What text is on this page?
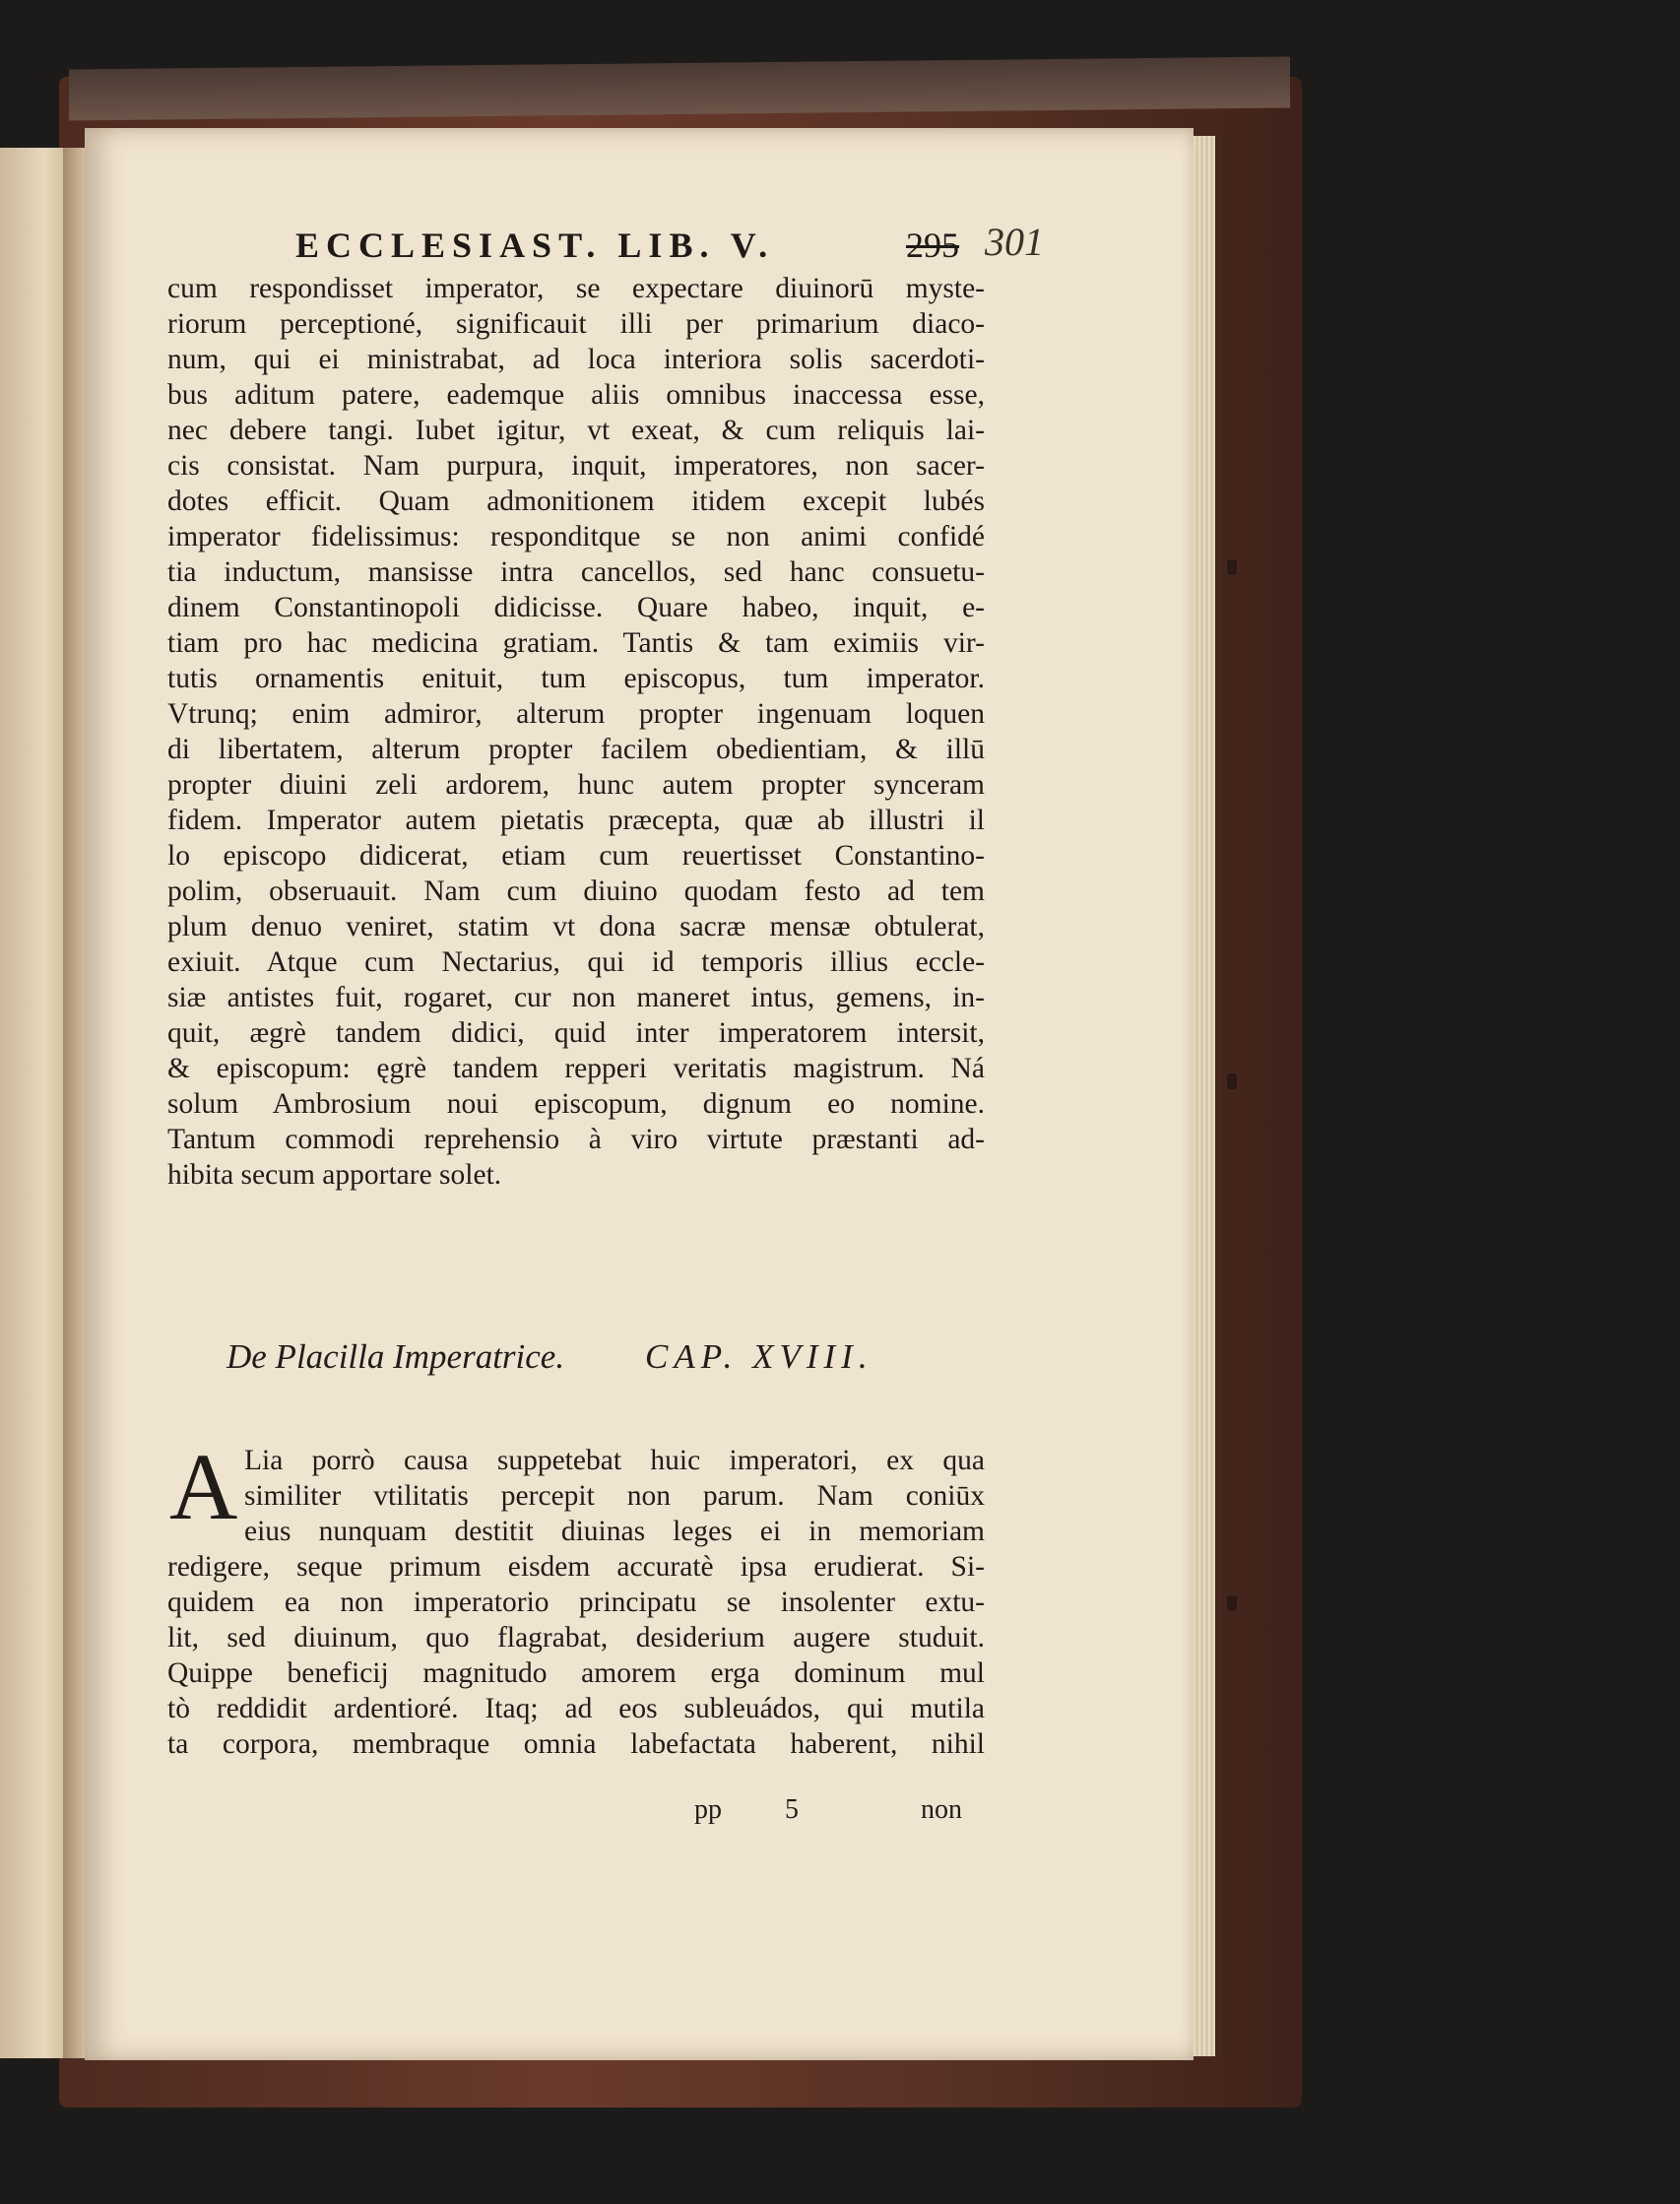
ECCLESIAST. LIB. V.	295 301
cum respondisset imperator, se expectare diuinorū myste-
riorum perceptioné, significauit illi per primarium diaco-
num, qui ei ministrabat, ad loca interiora solis sacerdoti-
bus aditum patere, eademque aliis omnibus inaccessa esse,
nec debere tangi. Iubet igitur, vt exeat, & cum reliquis lai-
cis consistat. Nam purpura, inquit, imperatores, non sacer-
dotes efficit. Quam admonitionem itidem excepit lubés
imperator fidelissimus: responditque se non animi confidé
tia inductum, mansisse intra cancellos, sed hanc consuetu-
dinem Constantinopoli didicisse. Quare habeo, inquit, e-
tiam pro hac medicina gratiam. Tantis & tam eximiis vir-
tutis ornamentis enituit, tum episcopus, tum imperator.
Vtrunq; enim admiror, alterum propter ingenuam loquen
di libertatem, alterum propter facilem obedientiam, & illū
propter diuini zeli ardorem, hunc autem propter synceram
fidem. Imperator autem pietatis præcepta, quæ ab illustri il
lo episcopo didicerat, etiam cum reuertisset Constantino-
polim, obseruauit. Nam cum diuino quodam festo ad tem
plum denuo veniret, statim vt dona sacræ mensæ obtulerat,
exiuit. Atque cum Nectarius, qui id temporis illius eccle-
siæ antistes fuit, rogaret, cur non maneret intus, gemens, in-
quit, ægrè tandem didici, quid inter imperatorem intersit,
& episcopum: ęgrè tandem repperi veritatis magistrum. Ná
solum Ambrosium noui episcopum, dignum eo nomine.
Tantum commodi reprehensio à viro virtute præstanti ad-
hibita secum apportare solet.
De Placilla Imperatrice. CAP. XVIII.
A Lia porrò causa suppetebat huic imperatori, ex qua
similiter vtilitatis percepit non parum. Nam coniūx
eius nunquam destitit diuinas leges ei in memoriam
redigere, seque primum eisdem accuratè ipsa erudierat. Si-
quidem ea non imperatorio principatu se insolenter extu-
lit, sed diuinum, quo flagrabat, desiderium augere studuit.
Quippe beneficij magnitudo amorem erga dominum mul
tò reddidit ardentioré. Itaq; ad eos subleuádos, qui mutila
ta corpora, membraque omnia labefactata haberent, nihil
pp 5	non
